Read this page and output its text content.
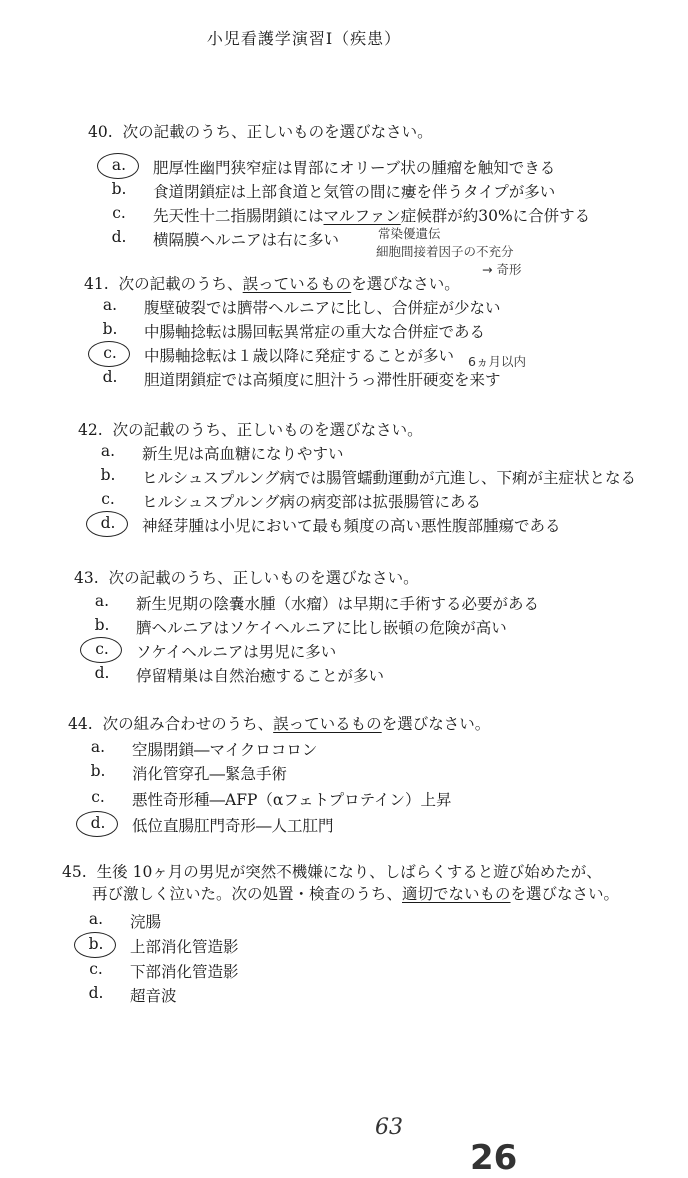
小児看護学演習Ⅰ（疾患）
40. 次の記載のうち、正しいものを選びなさい。
a.	肥厚性幽門狭窄症は胃部にオリーブ状の腫瘤を触知できる
b.	食道閉鎖症は上部食道と気管の間に瘻を伴うタイプが多い
c.	先天性十二指腸閉鎖にはマルファン症候群が約30%に合併する
d.	横隔膜ヘルニアは右に多い	常染優遺伝
細胞間接着因子の不充分
→ 奇形
41. 次の記載のうち、誤っているものを選びなさい。
a.	腹壁破裂では臍帯ヘルニアに比し、合併症が少ない
b.	中腸軸捻転は腸回転異常症の重大な合併症である
c.	中腸軸捻転は１歳以降に発症することが多い
d.	胆道閉鎖症では高頻度に胆汁うっ滞性肝硬変を来す
6ヵ月以内
42. 次の記載のうち、正しいものを選びなさい。
a.	新生児は高血糖になりやすい
b.	ヒルシュスプルング病では腸管蠕動運動が亢進し、下痢が主症状となる
c.	ヒルシュスプルング病の病変部は拡張腸管にある
d.	神経芽腫は小児において最も頻度の高い悪性腹部腫瘍である
43. 次の記載のうち、正しいものを選びなさい。
a.	新生児期の陰嚢水腫（水瘤）は早期に手術する必要がある
b.	臍ヘルニアはソケイヘルニアに比し嵌頓の危険が高い
c.	ソケイヘルニアは男児に多い
d.	停留精巣は自然治癒することが多い
44. 次の組み合わせのうち、誤っているものを選びなさい。
a.	空腸閉鎖―マイクロコロン
b.	消化管穿孔―緊急手術
c.	悪性奇形種―AFP（αフェトプロテイン）上昇
d.	低位直腸肛門奇形―人工肛門
45. 生後 10ヶ月の男児が突然不機嫌になり、しばらくすると遊び始めたが、
再び激しく泣いた。次の処置・検査のうち、適切でないものを選びなさい。
a.	浣腸
b.	上部消化管造影
c.	下部消化管造影
d.	超音波
63
26
